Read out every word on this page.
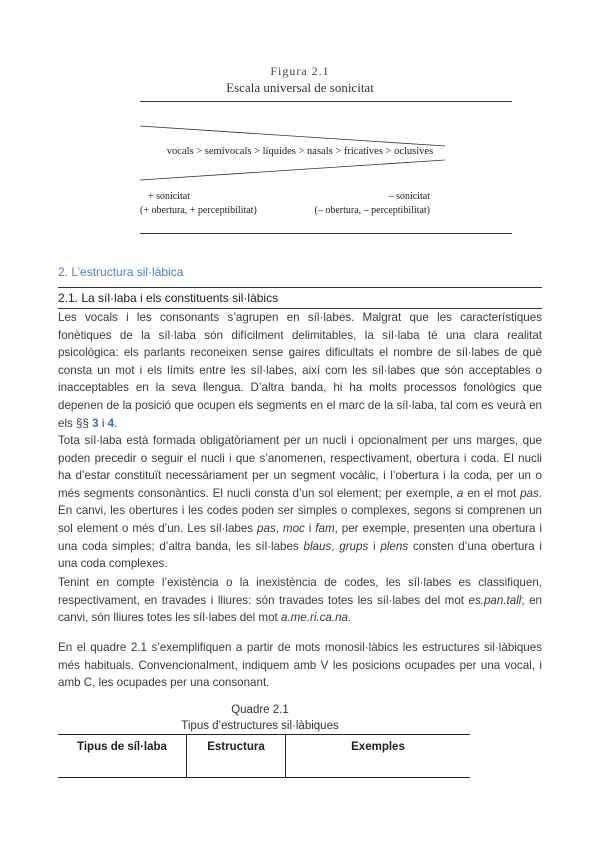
Figura 2.1
Escala universal de sonicitat
vocals > semivocals > líquides > nasals > fricatives > oclusives
+ sonicitat
(+ obertura, + perceptibilitat)
– sonicitat
(– obertura, – perceptibilitat)
2. L’estructura sil·làbica
2.1. La síl·laba i els constituents sil·làbics
Les vocals i les consonants s’agrupen en síl·labes. Malgrat que les característiques fonètiques de la síl·laba són difícilment delimitables, la síl·laba té una clara realitat psicològica: els parlants reconeixen sense gaires dificultats el nombre de síl·labes de què consta un mot i els límits entre les síl·labes, així com les síl·labes que són acceptables o inacceptables en la seva llengua. D’altra banda, hi ha molts processos fonològics que depenen de la posició que ocupen els segments en el marc de la síl·laba, tal com es veurà en els §§ 3 i 4.
Tota síl·laba està formada obligatòriament per un nucli i opcionalment per uns marges, que poden precedir o seguir el nucli i que s’anomenen, respectivament, obertura i coda. El nucli ha d’estar constituït necessàriament per un segment vocàlic, i l’obertura i la coda, per un o més segments consonàntics. El nucli consta d’un sol element; per exemple, a en el mot pas. En canvi, les obertures i les codes poden ser simples o complexes, segons si comprenen un sol element o més d’un. Les síl·labes pas, moc i fam, per exemple, presenten una obertura i una coda simples; d’altra banda, les síl·labes blaus, grups i plens consten d’una obertura i una coda complexes.
Tenint en compte l’existència o la inexistència de codes, les síl·labes es classifiquen, respectivament, en travades i lliures: són travades totes les síl·labes del mot es.pan.tall; en canvi, són lliures totes les síl·labes del mot a.me.ri.ca.na.
En el quadre 2.1 s’exemplifiquen a partir de mots monosil·làbics les estructures sil·làbiques més habituals. Convencionalment, indiquem amb V les posicions ocupades per una vocal, i amb C, les ocupades per una consonant.
Quadre 2.1
Tipus d’estructures sil·làbiques
Tipus de síl·laba	Estructura	Exemples
